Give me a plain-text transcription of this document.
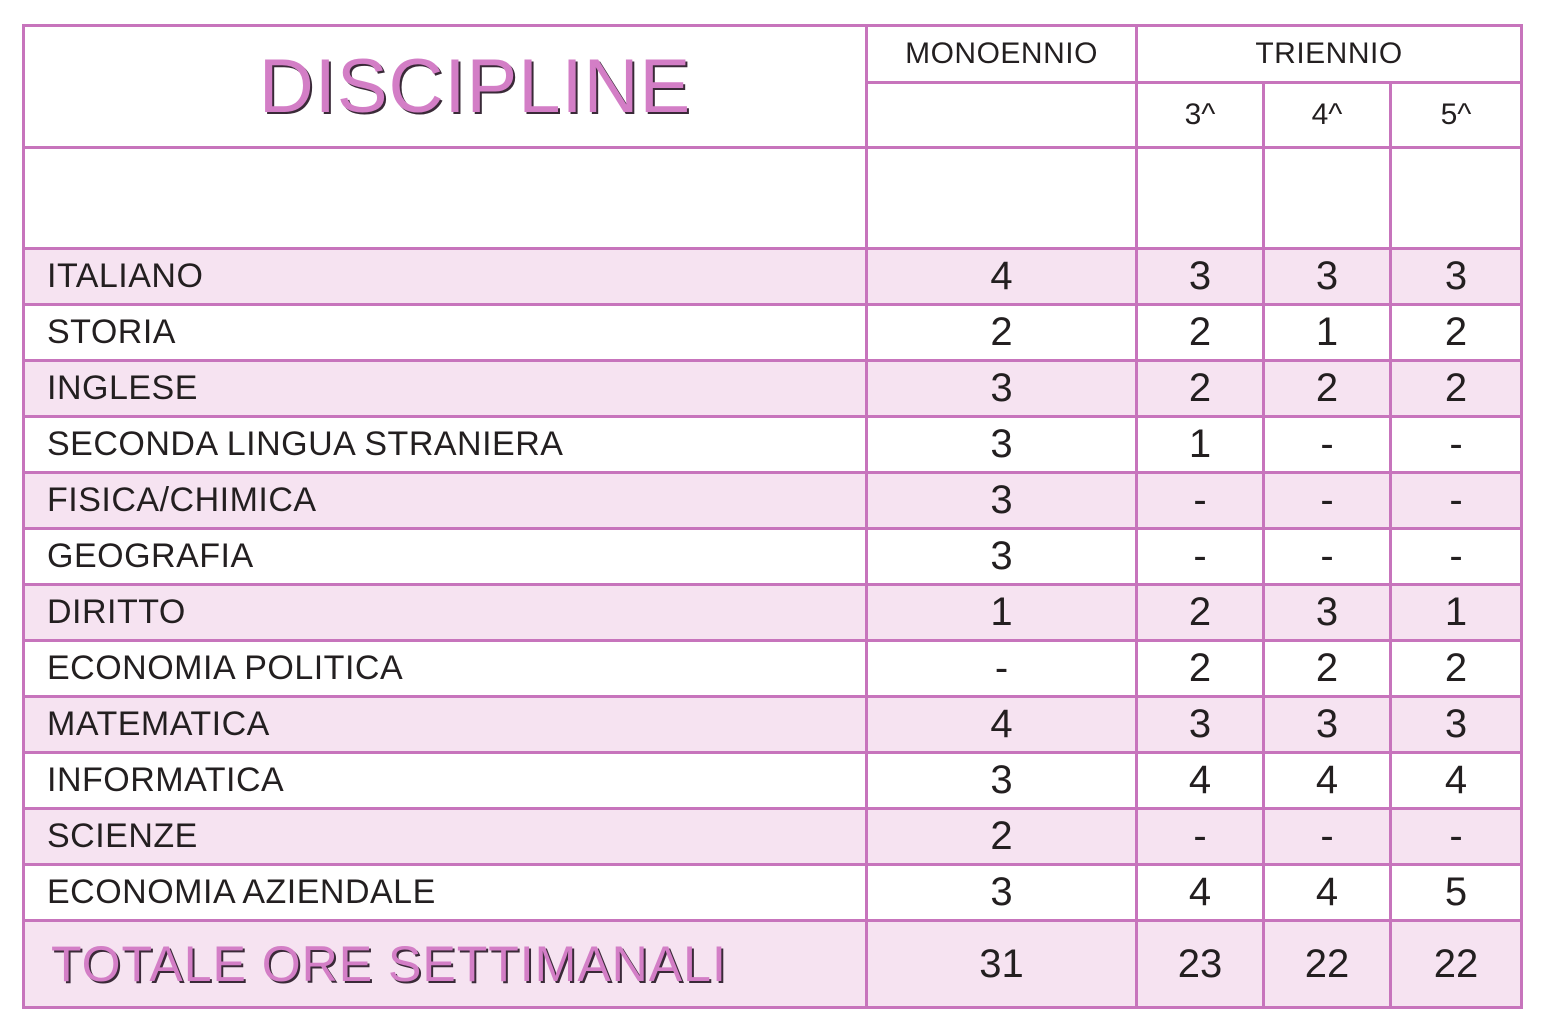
DISCIPLINE	MONOENNIO	TRIENNIO		

		3^	4^	5^

ITALIANO	4	3	3	3

STORIA	2	2	1	2

INGLESE	3	2	2	2

SECONDA LINGUA STRANIERA	3	1	-	-

FISICA/CHIMICA	3	-	-	-

GEOGRAFIA	3	-	-	-

DIRITTO	1	2	3	1

ECONOMIA POLITICA	-	2	2	2

MATEMATICA	4	3	3	3

INFORMATICA	3	4	4	4

SCIENZE	2	-	-	-

ECONOMIA AZIENDALE	3	4	4	5

TOTALE ORE SETTIMANALI	31	23	22	22
